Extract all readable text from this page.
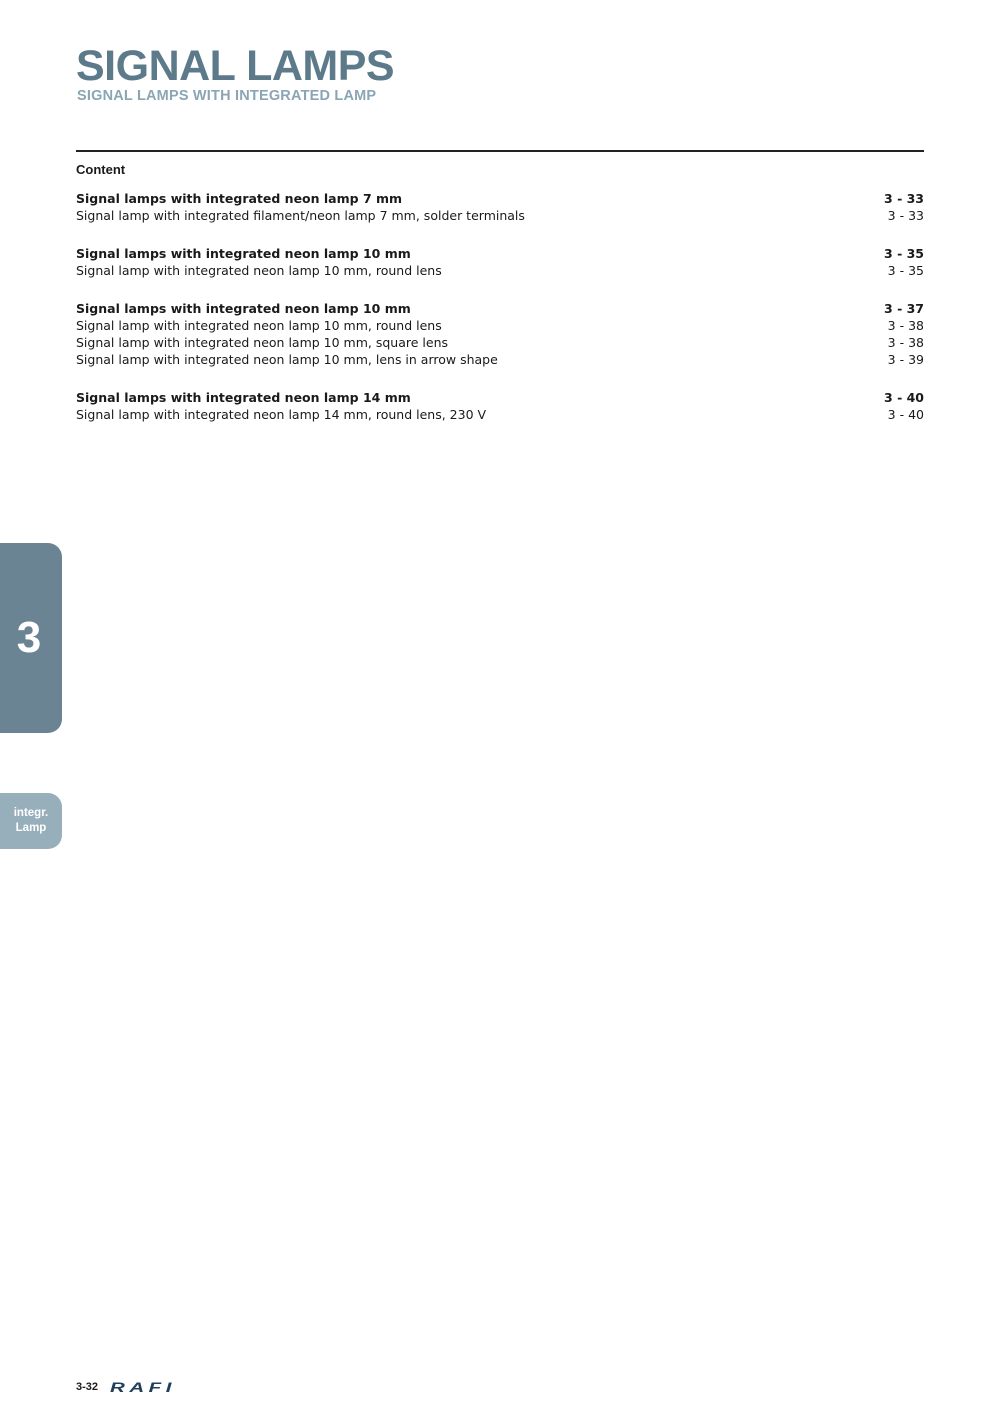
SIGNAL LAMPS
SIGNAL LAMPS WITH INTEGRATED LAMP
Content
Signal lamps with integrated neon lamp 7 mm	3 - 33
Signal lamp with integrated filament/neon lamp 7 mm, solder terminals	3 - 33
Signal lamps with integrated neon lamp 10 mm	3 - 35
Signal lamp with integrated neon lamp 10 mm, round lens	3 - 35
Signal lamps with integrated neon lamp 10 mm	3 - 37
Signal lamp with integrated neon lamp 10 mm, round lens	3 - 38
Signal lamp with integrated neon lamp 10 mm, square lens	3 - 38
Signal lamp with integrated neon lamp 10 mm, lens in arrow shape	3 - 39
Signal lamps with integrated neon lamp 14 mm	3 - 40
Signal lamp with integrated neon lamp 14 mm, round lens, 230 V	3 - 40
3
integr.
Lamp
3-32 RAFI
